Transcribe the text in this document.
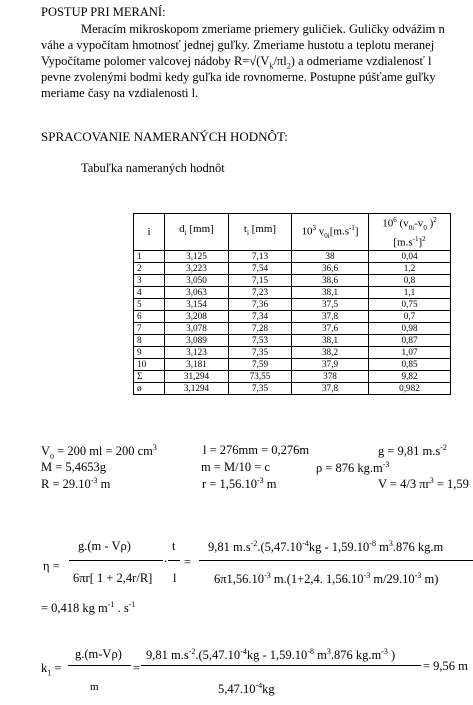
POSTUP PRI MERANÍ:
Meracím mikroskopom zmeriame priemery guličiek. Guličky odvážim n
váhe a vypočítam hmotnosť jednej guľky. Zmeriame hustotu a teplotu meranej
Vypočítame polomer valcovej nádoby $R=√(V_k/\pi l_2)$ a odmeriame vzdialenosť l
pevne zvolenými bodmi kedy guľka ide rovnomerne. Postupne púšťame guľky
meriame časy na vzdialenosti l.
SPRACOVANIE NAMERANÝCH HODNÔT:
Tabuľka nameraných hodnôt
i	$d_i$ [mm]	$t_i$ [mm]	$10^3$ $v_{0i}[m.s^{-1}]$	$10^6$ ($v_{0i}-v_0$ )$^2$
$[m.s^{-1}]^2$
1	3,125	7,13	38	0,04
2	3,223	7,54	36,6	1,2
3	3,050	7,15	38,6	0,8
4	3,063	7,23	38,1	1,1
5	3,154	7,36	37,5	0,75
6	3,208	7,34	37,8	0,7
7	3,078	7,28	37,6	0,98
8	3,089	7,53	38,1	0,87
9	3,123	7,35	38,2	1,07
10	3,181	7,59	37,9	0,85
Σ	31,294	73,55	378	9,82
ø	3,1294	7,35	37,8	0,982
$V_o = 200$ ml = 200 $cm^3$	l = 276mm = 0,276m	g = 9,81 $m.s^{-2}$
M = 5,4653g	m = M/10 = c	ρ = 876 $kg.m^{-3}$
$R = 29.10^{-3}$ m	$r = 1,56.10^{-3}$ m	V = 4/3 $\pi r^3 = 1,59$
η =
g.(m - Vρ)
6πr[ 1 + 2,4r/R]
.
t
l
=
9,81 $m.s^{-2}.(5,47.10^{-4}kg - 1,59.10^{-8}$ $m^3.876$ kg.m
$6\pi 1,56.10^{-3}$ m.(1+2,4. $1,56.10^{-3}$ $m/29.10^{-3}$ m)
= 0,418 kg $m^{-1}$ . $s^{-1}$
$k_1$ =
g.(m-Vρ)
m
=
9,81 $m.s^{-2}.(5,47.10^{-4}kg - 1,59.10^{-8}$ $m^3.876$ $kg.m^{-3}$ )
$5,47.10^{-4}kg$
= 9,56 m
